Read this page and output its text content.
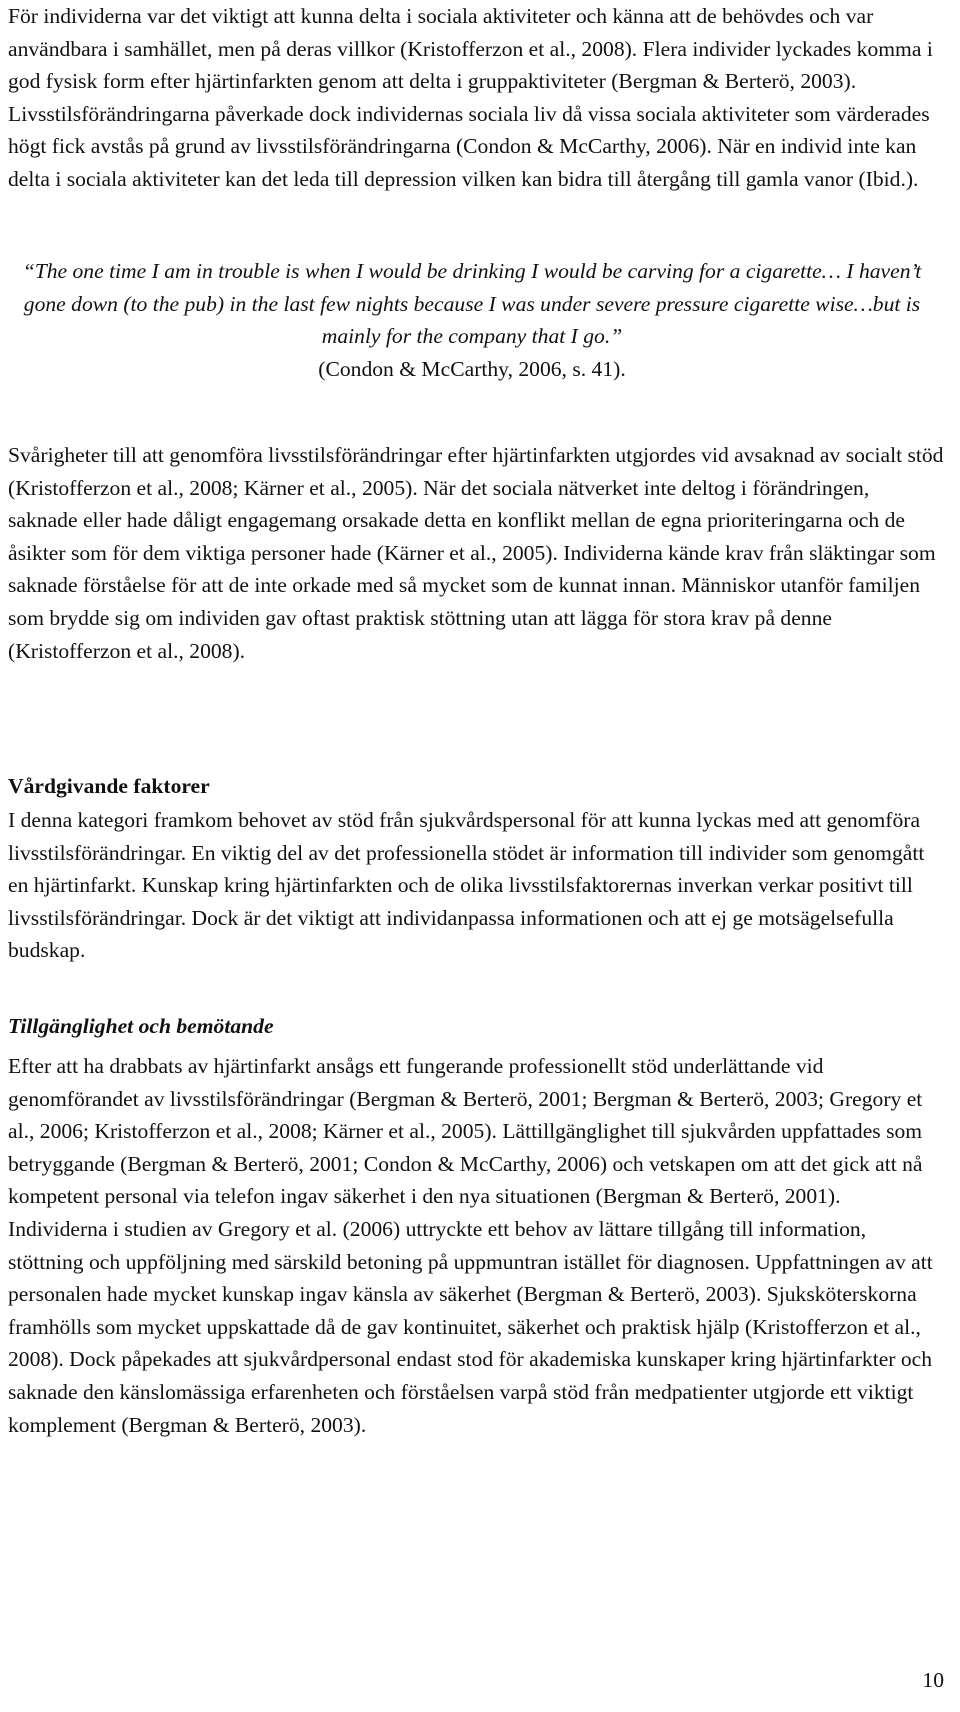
För individerna var det viktigt att kunna delta i sociala aktiviteter och känna att de behövdes och var användbara i samhället, men på deras villkor (Kristofferzon et al., 2008). Flera individer lyckades komma i god fysisk form efter hjärtinfarkten genom att delta i gruppaktiviteter (Bergman & Berterö, 2003). Livsstilsförändringarna påverkade dock individernas sociala liv då vissa sociala aktiviteter som värderades högt fick avstås på grund av livsstilsförändringarna (Condon & McCarthy, 2006). När en individ inte kan delta i sociala aktiviteter kan det leda till depression vilken kan bidra till återgång till gamla vanor (Ibid.).

“The one time I am in trouble is when I would be drinking I would be carving for a cigarette… I haven’t gone down (to the pub) in the last few nights because I was under severe pressure cigarette wise…but is mainly for the company that I go.”
(Condon & McCarthy, 2006, s. 41).

Svårigheter till att genomföra livsstilsförändringar efter hjärtinfarkten utgjordes vid avsaknad av socialt stöd (Kristofferzon et al., 2008; Kärner et al., 2005). När det sociala nätverket inte deltog i förändringen, saknade eller hade dåligt engagemang orsakade detta en konflikt mellan de egna prioriteringarna och de åsikter som för dem viktiga personer hade (Kärner et al., 2005). Individerna kände krav från släktingar som saknade förståelse för att de inte orkade med så mycket som de kunnat innan. Människor utanför familjen som brydde sig om individen gav oftast praktisk stöttning utan att lägga för stora krav på denne (Kristofferzon et al., 2008).

Vårdgivande faktorer

I denna kategori framkom behovet av stöd från sjukvårdspersonal för att kunna lyckas med att genomföra livsstilsförändringar. En viktig del av det professionella stödet är information till individer som genomgått en hjärtinfarkt. Kunskap kring hjärtinfarkten och de olika livsstilsfaktorernas inverkan verkar positivt till livsstilsförändringar. Dock är det viktigt att individanpassa informationen och att ej ge motsägelsefulla budskap.

Tillgänglighet och bemötande

Efter att ha drabbats av hjärtinfarkt ansågs ett fungerande professionellt stöd underlättande vid genomförandet av livsstilsförändringar (Bergman & Berterö, 2001; Bergman & Berterö, 2003; Gregory et al., 2006; Kristofferzon et al., 2008; Kärner et al., 2005). Lättillgänglighet till sjukvården uppfattades som betryggande (Bergman & Berterö, 2001; Condon & McCarthy, 2006) och vetskapen om att det gick att nå kompetent personal via telefon ingav säkerhet i den nya situationen (Bergman & Berterö, 2001). Individerna i studien av Gregory et al. (2006) uttryckte ett behov av lättare tillgång till information, stöttning och uppföljning med särskild betoning på uppmuntran istället för diagnosen. Uppfattningen av att personalen hade mycket kunskap ingav känsla av säkerhet (Bergman & Berterö, 2003). Sjuksköterskorna framhölls som mycket uppskattade då de gav kontinuitet, säkerhet och praktisk hjälp (Kristofferzon et al., 2008). Dock påpekades att sjukvårdpersonal endast stod för akademiska kunskaper kring hjärtinfarkter och saknade den känslomässiga erfarenheten och förståelsen varpå stöd från medpatienter utgjorde ett viktigt komplement (Bergman & Berterö, 2003).

10
